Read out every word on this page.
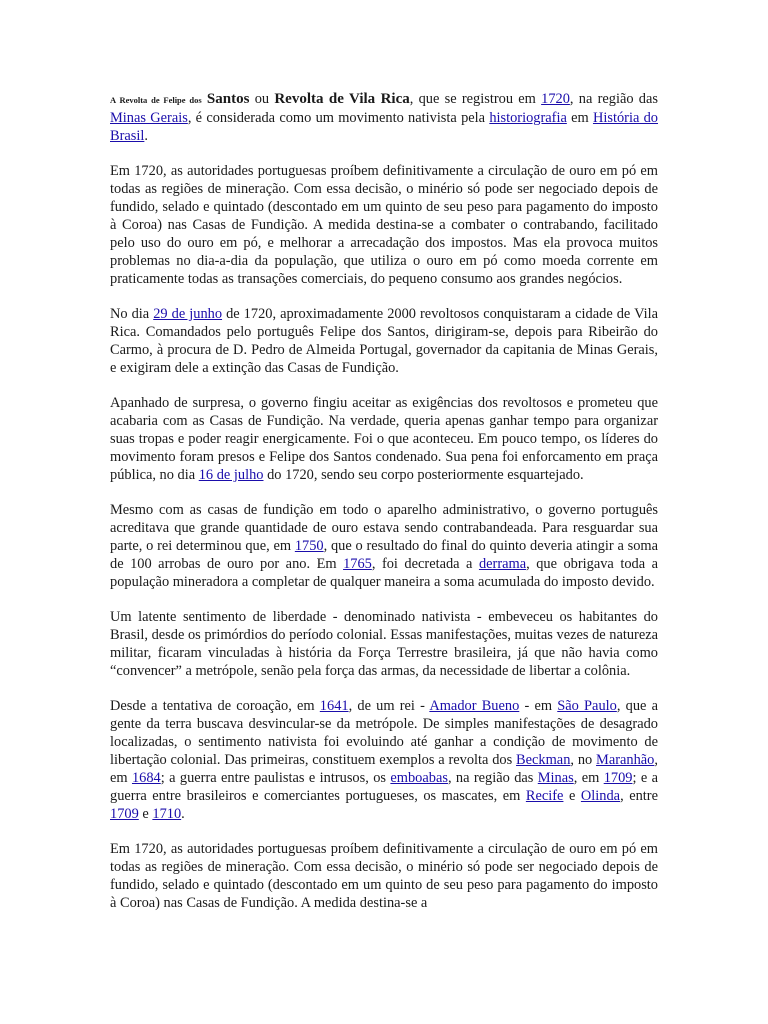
A Revolta de Felipe dos Santos ou Revolta de Vila Rica, que se registrou em 1720, na região das Minas Gerais, é considerada como um movimento nativista pela historiografia em História do Brasil.

Em 1720, as autoridades portuguesas proíbem definitivamente a circulação de ouro em pó em todas as regiões de mineração. Com essa decisão, o minério só pode ser negociado depois de fundido, selado e quintado (descontado em um quinto de seu peso para pagamento do imposto à Coroa) nas Casas de Fundição. A medida destina-se a combater o contrabando, facilitado pelo uso do ouro em pó, e melhorar a arrecadação dos impostos. Mas ela provoca muitos problemas no dia-a-dia da população, que utiliza o ouro em pó como moeda corrente em praticamente todas as transações comerciais, do pequeno consumo aos grandes negócios.

No dia 29 de junho de 1720, aproximadamente 2000 revoltosos conquistaram a cidade de Vila Rica. Comandados pelo português Felipe dos Santos, dirigiram-se, depois para Ribeirão do Carmo, à procura de D. Pedro de Almeida Portugal, governador da capitania de Minas Gerais, e exigiram dele a extinção das Casas de Fundição.

Apanhado de surpresa, o governo fingiu aceitar as exigências dos revoltosos e prometeu que acabaria com as Casas de Fundição. Na verdade, queria apenas ganhar tempo para organizar suas tropas e poder reagir energicamente. Foi o que aconteceu. Em pouco tempo, os líderes do movimento foram presos e Felipe dos Santos condenado. Sua pena foi enforcamento em praça pública, no dia 16 de julho do 1720, sendo seu corpo posteriormente esquartejado.

Mesmo com as casas de fundição em todo o aparelho administrativo, o governo português acreditava que grande quantidade de ouro estava sendo contrabandeada. Para resguardar sua parte, o rei determinou que, em 1750, que o resultado do final do quinto deveria atingir a soma de 100 arrobas de ouro por ano. Em 1765, foi decretada a derrama, que obrigava toda a população mineradora a completar de qualquer maneira a soma acumulada do imposto devido.

Um latente sentimento de liberdade - denominado nativista - embeveceu os habitantes do Brasil, desde os primórdios do período colonial. Essas manifestações, muitas vezes de natureza militar, ficaram vinculadas à história da Força Terrestre brasileira, já que não havia como “convencer” a metrópole, senão pela força das armas, da necessidade de libertar a colônia.

Desde a tentativa de coroação, em 1641, de um rei - Amador Bueno - em São Paulo, que a gente da terra buscava desvincular-se da metrópole. De simples manifestações de desagrado localizadas, o sentimento nativista foi evoluindo até ganhar a condição de movimento de libertação colonial. Das primeiras, constituem exemplos a revolta dos Beckman, no Maranhão, em 1684; a guerra entre paulistas e intrusos, os emboabas, na região das Minas, em 1709; e a guerra entre brasileiros e comerciantes portugueses, os mascates, em Recife e Olinda, entre 1709 e 1710.

Em 1720, as autoridades portuguesas proíbem definitivamente a circulação de ouro em pó em todas as regiões de mineração. Com essa decisão, o minério só pode ser negociado depois de fundido, selado e quintado (descontado em um quinto de seu peso para pagamento do imposto à Coroa) nas Casas de Fundição. A medida destina-se a
